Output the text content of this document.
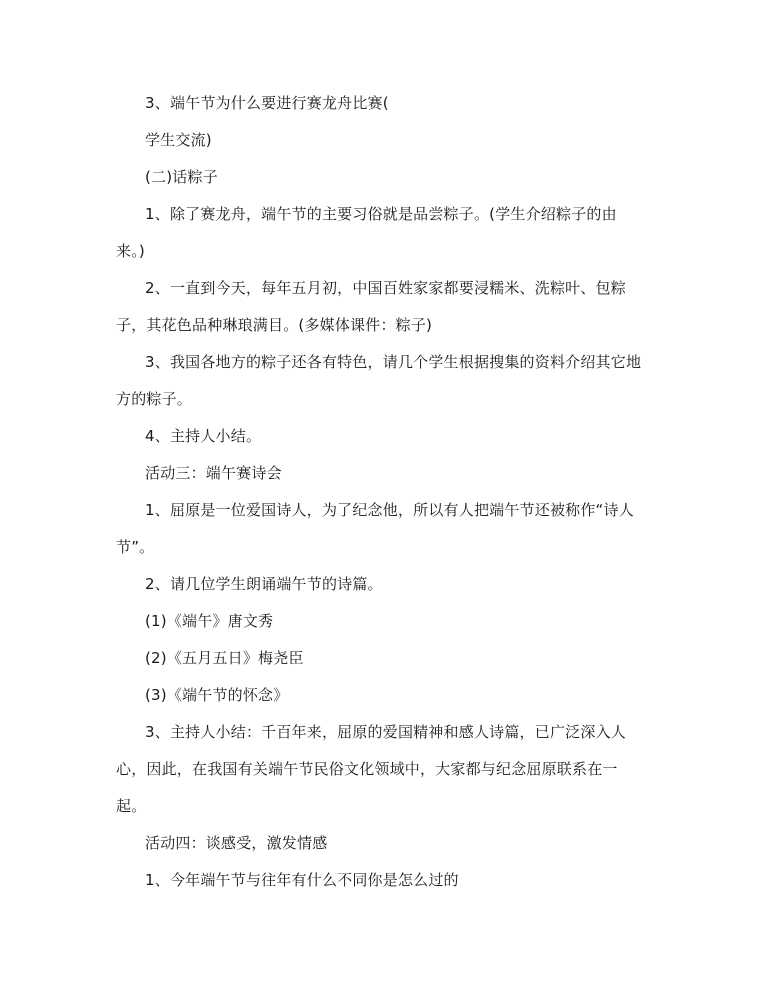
3、端午节为什么要进行赛龙舟比赛(
学生交流)
(二)话粽子
1、除了赛龙舟，端午节的主要习俗就是品尝粽子。(学生介绍粽子的由
来。)
2、一直到今天，每年五月初，中国百姓家家都要浸糯米、洗粽叶、包粽
子，其花色品种琳琅满目。(多媒体课件：粽子)
3、我国各地方的粽子还各有特色，请几个学生根据搜集的资料介绍其它地
方的粽子。
4、主持人小结。
活动三：端午赛诗会
1、屈原是一位爱国诗人，为了纪念他，所以有人把端午节还被称作“诗人
节”。
2、请几位学生朗诵端午节的诗篇。
(1)《端午》唐文秀
(2)《五月五日》梅尧臣
(3)《端午节的怀念》
3、主持人小结：千百年来，屈原的爱国精神和感人诗篇，已广泛深入人
心，因此，在我国有关端午节民俗文化领域中，大家都与纪念屈原联系在一
起。
活动四：谈感受，激发情感
1、今年端午节与往年有什么不同你是怎么过的
